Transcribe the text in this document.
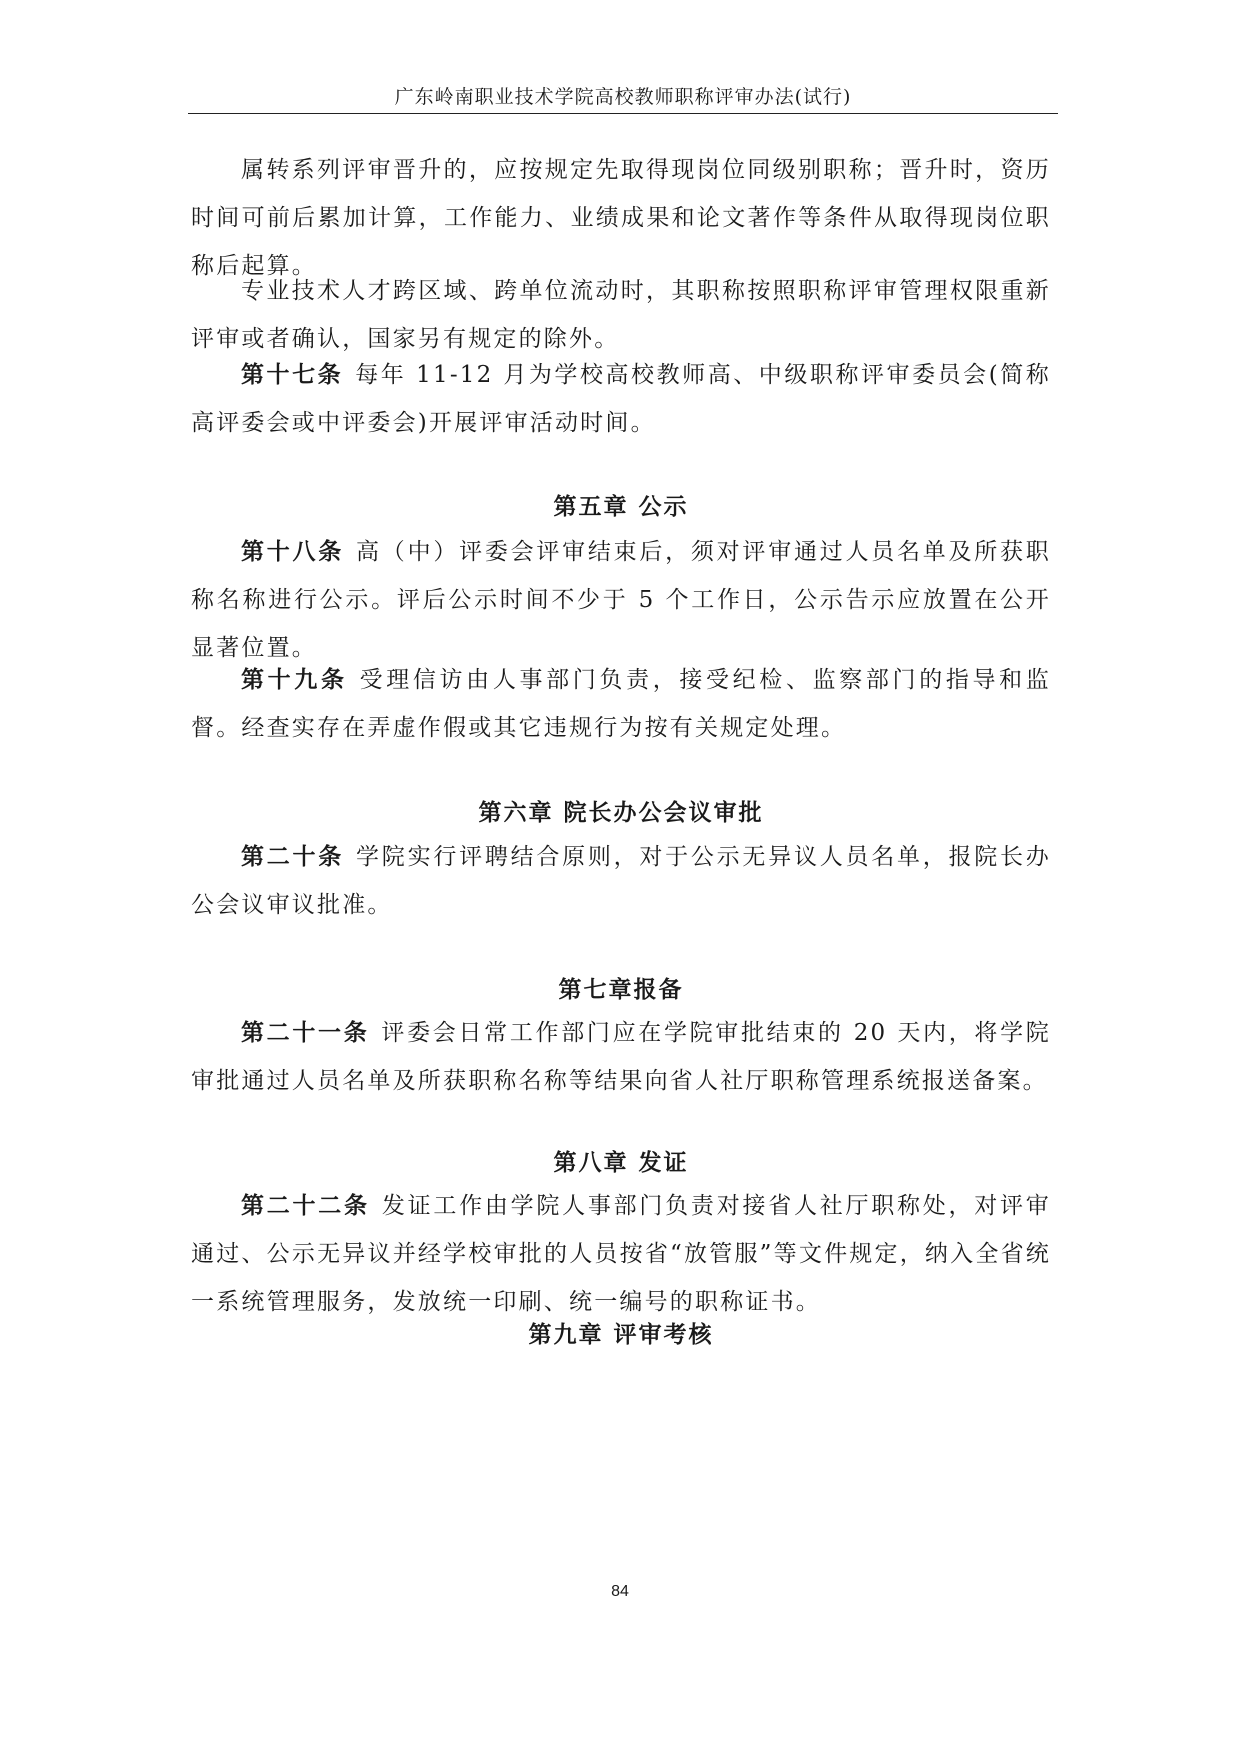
广东岭南职业技术学院高校教师职称评审办法(试行)

属转系列评审晋升的，应按规定先取得现岗位同级别职称；晋升时，资历时间可前后累加计算，工作能力、业绩成果和论文著作等条件从取得现岗位职称后起算。

专业技术人才跨区域、跨单位流动时，其职称按照职称评审管理权限重新评审或者确认，国家另有规定的除外。

第十七条 每年 11-12 月为学校高校教师高、中级职称评审委员会(简称高评委会或中评委会)开展评审活动时间。

第五章 公示

第十八条 高（中）评委会评审结束后，须对评审通过人员名单及所获职称名称进行公示。评后公示时间不少于 5 个工作日，公示告示应放置在公开显著位置。

第十九条 受理信访由人事部门负责，接受纪检、监察部门的指导和监督。经查实存在弄虚作假或其它违规行为按有关规定处理。

第六章 院长办公会议审批

第二十条 学院实行评聘结合原则，对于公示无异议人员名单，报院长办公会议审议批准。

第七章报备

第二十一条 评委会日常工作部门应在学院审批结束的 20 天内，将学院审批通过人员名单及所获职称名称等结果向省人社厅职称管理系统报送备案。

第八章 发证

第二十二条 发证工作由学院人事部门负责对接省人社厅职称处，对评审通过、公示无异议并经学校审批的人员按省“放管服”等文件规定，纳入全省统一系统管理服务，发放统一印刷、统一编号的职称证书。

第九章 评审考核
84
